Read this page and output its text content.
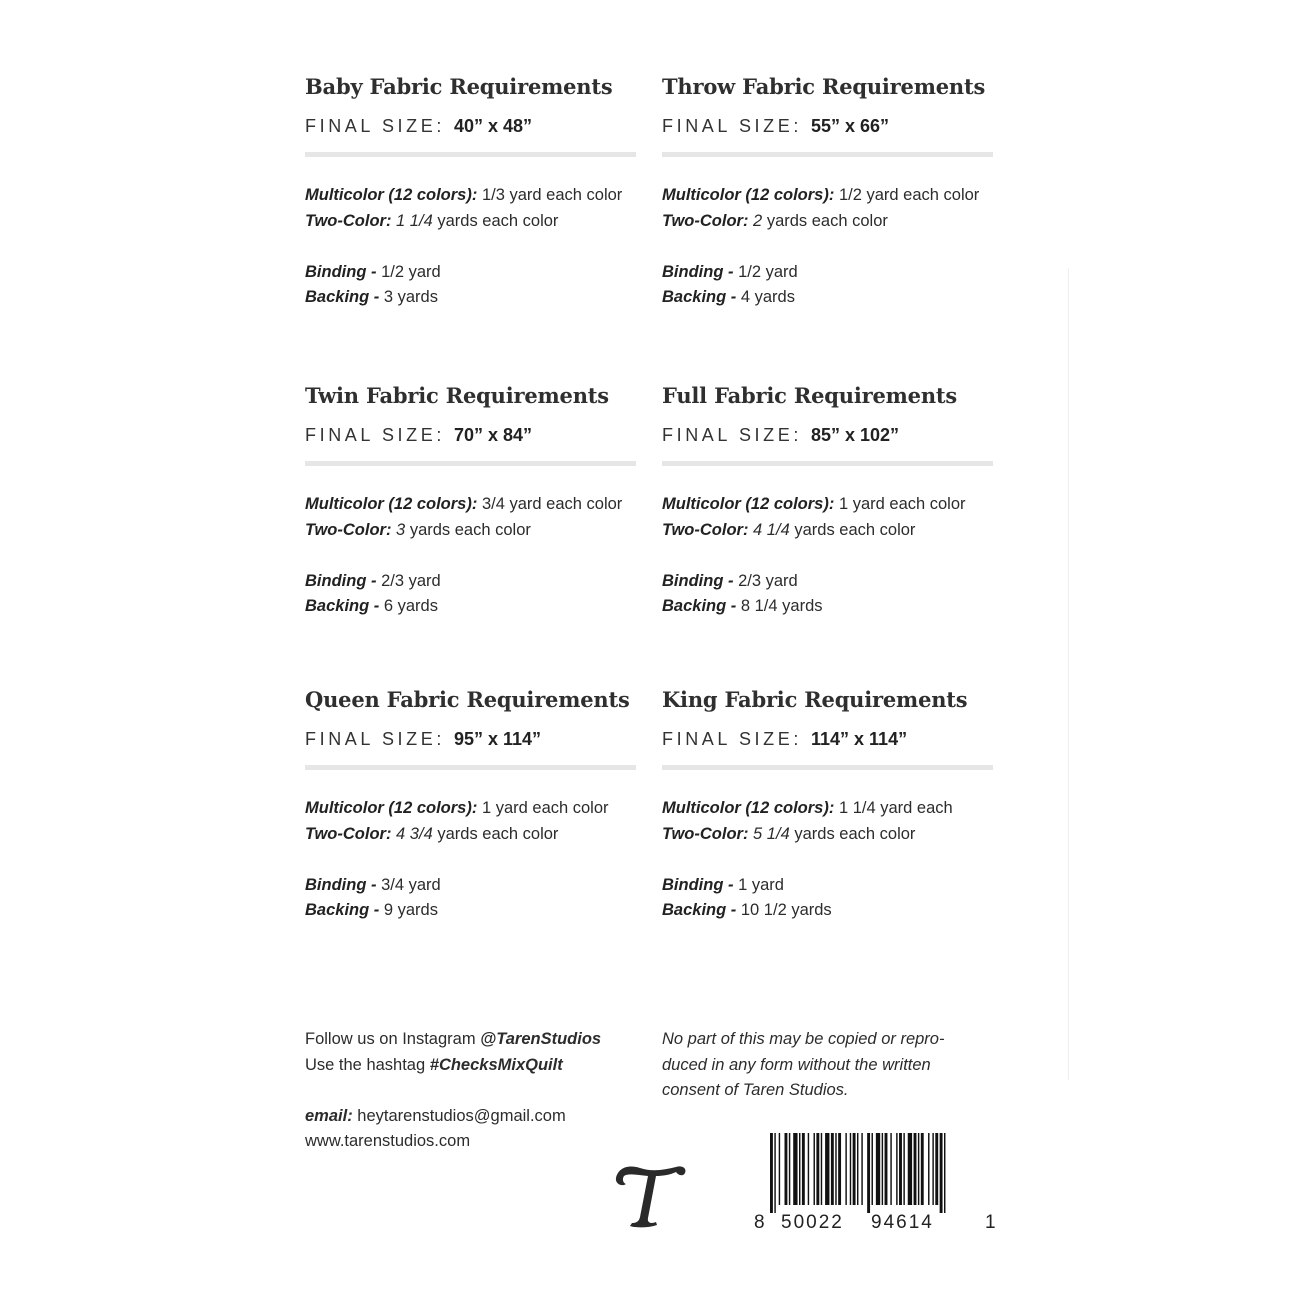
Baby Fabric Requirements
FINAL SIZE: 40” x 48”
Multicolor (12 colors): 1/3 yard each color
Two-Color: 1 1/4 yards each color
Binding - 1/2 yard
Backing - 3 yards
Throw Fabric Requirements
FINAL SIZE: 55” x 66”
Multicolor (12 colors): 1/2 yard each color
Two-Color: 2 yards each color
Binding - 1/2 yard
Backing - 4 yards
Twin Fabric Requirements
FINAL SIZE: 70” x 84”
Multicolor (12 colors): 3/4 yard each color
Two-Color: 3 yards each color
Binding - 2/3 yard
Backing - 6 yards
Full Fabric Requirements
FINAL SIZE: 85” x 102”
Multicolor (12 colors): 1 yard each color
Two-Color: 4 1/4 yards each color
Binding - 2/3 yard
Backing - 8 1/4 yards
Queen Fabric Requirements
FINAL SIZE: 95” x 114”
Multicolor (12 colors): 1 yard each color
Two-Color: 4 3/4 yards each color
Binding - 3/4 yard
Backing - 9 yards
King Fabric Requirements
FINAL SIZE: 114” x 114”
Multicolor (12 colors): 1 1/4 yard each
Two-Color: 5 1/4 yards each color
Binding - 1 yard
Backing - 10 1/2 yards
Follow us on Instagram @TarenStudios
Use the hashtag #ChecksMixQuilt
email: heytarenstudios@gmail.com
www.tarenstudios.com
No part of this may be copied or repro-
duced in any form without the written
consent of Taren Studios.
8 50022 94614	1
